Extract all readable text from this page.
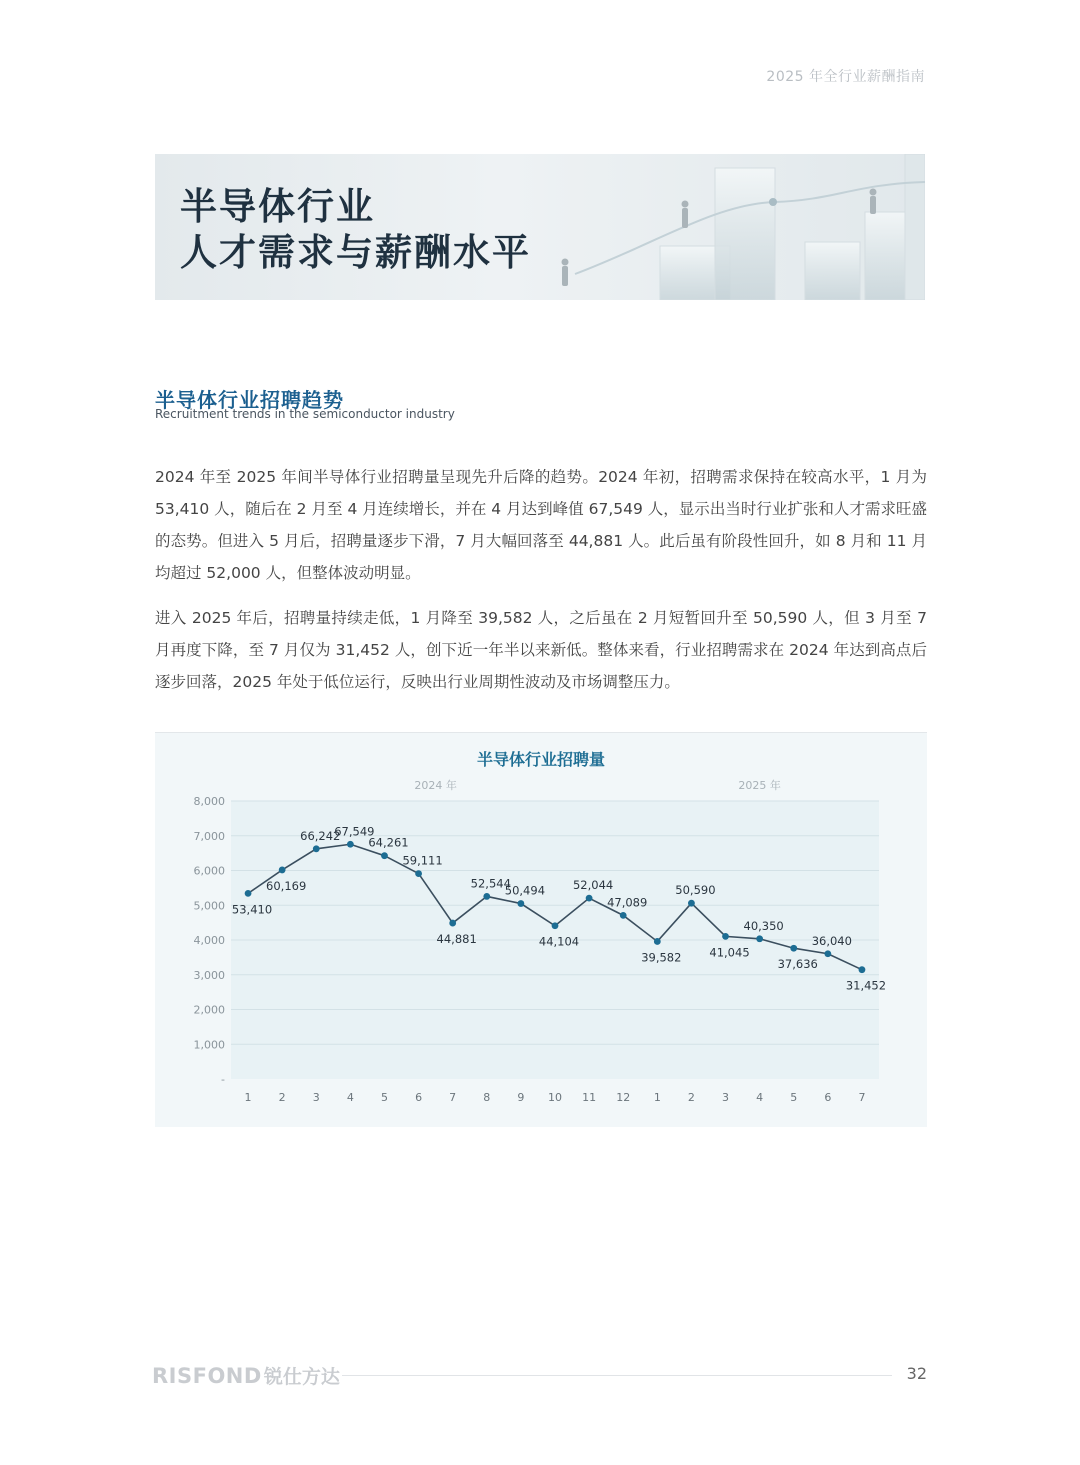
2025 年全行业薪酬指南
半导体行业
人才需求与薪酬水平
半导体行业招聘趋势
Recruitment trends in the semiconductor industry

2024 年至 2025 年间半导体行业招聘量呈现先升后降的趋势。2024 年初，招聘需求保持在较高水平，1 月为 53,410 人，随后在 2 月至 4 月连续增长，并在 4 月达到峰值 67,549 人，显示出当时行业扩张和人才需求旺盛的态势。但进入 5 月后，招聘量逐步下滑，7 月大幅回落至 44,881 人。此后虽有阶段性回升，如 8 月和 11 月均超过 52,000 人，但整体波动明显。

进入 2025 年后，招聘量持续走低，1 月降至 39,582 人，之后虽在 2 月短暂回升至 50,590 人，但 3 月至 7 月再度下降，至 7 月仅为 31,452 人，创下近一年半以来新低。整体来看，行业招聘需求在 2024 年达到高点后逐步回落，2025 年处于低位运行，反映出行业周期性波动及市场调整压力。

半导体行业招聘量
2024 年	2025 年
-
1,000
2,000
3,000
4,000
5,000
6,000
7,000
8,000
1 2 3 4 5 6 7 8 9 10 11 12 1 2 3 4 5 6 7
53,410
60,169
66,242
67,549
64,261
59,111
44,881
52,544
50,494
44,104
52,044
47,089
39,582
50,590
41,045
40,350
37,636
36,040
31,452
RISFOND 锐仕方达	32
